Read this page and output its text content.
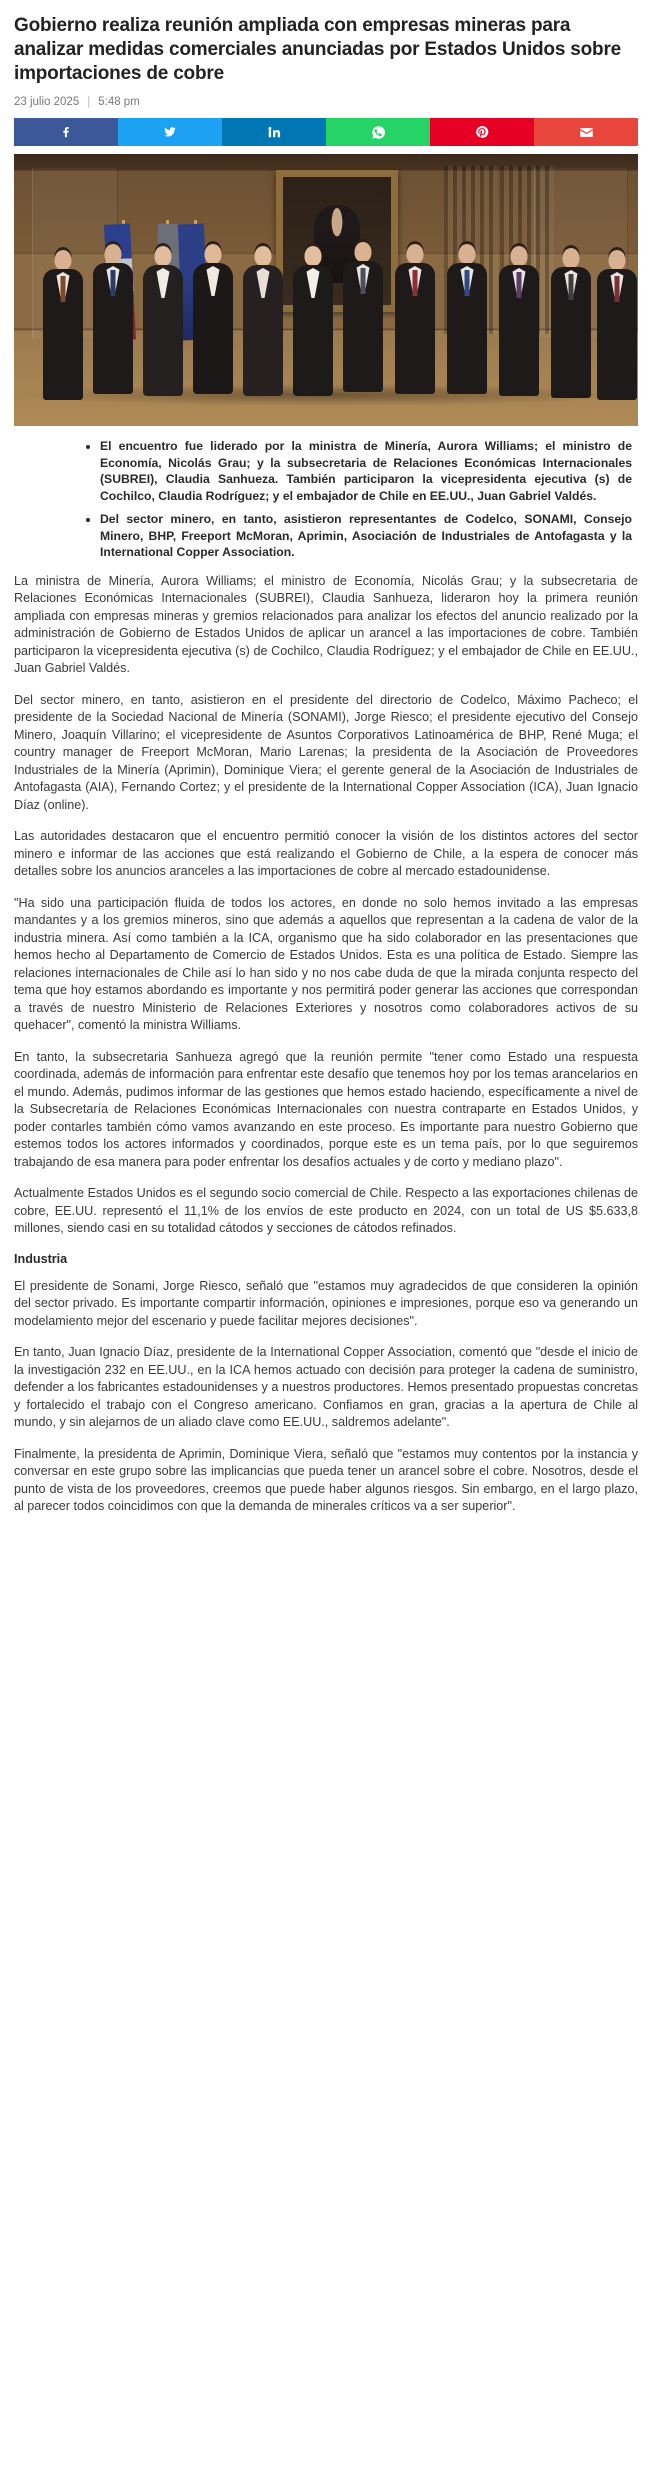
Gobierno realiza reunión ampliada con empresas mineras para analizar medidas comerciales anunciadas por Estados Unidos sobre importaciones de cobre
23 julio 2025 | 5:48 pm
• El encuentro fue liderado por la ministra de Minería, Aurora Williams; el ministro de Economía, Nicolás Grau; y la subsecretaria de Relaciones Económicas Internacionales (SUBREI), Claudia Sanhueza. También participaron la vicepresidenta ejecutiva (s) de Cochilco, Claudia Rodríguez; y el embajador de Chile en EE.UU., Juan Gabriel Valdés.
• Del sector minero, en tanto, asistieron representantes de Codelco, SONAMI, Consejo Minero, BHP, Freeport McMoran, Aprimin, Asociación de Industriales de Antofagasta y la International Copper Association.

La ministra de Minería, Aurora Williams; el ministro de Economía, Nicolás Grau; y la subsecretaria de Relaciones Económicas Internacionales (SUBREI), Claudia Sanhueza, lideraron hoy la primera reunión ampliada con empresas mineras y gremios relacionados para analizar los efectos del anuncio realizado por la administración de Gobierno de Estados Unidos de aplicar un arancel a las importaciones de cobre. También participaron la vicepresidenta ejecutiva (s) de Cochilco, Claudia Rodríguez; y el embajador de Chile en EE.UU., Juan Gabriel Valdés.

Del sector minero, en tanto, asistieron en el presidente del directorio de Codelco, Máximo Pacheco; el presidente de la Sociedad Nacional de Minería (SONAMI), Jorge Riesco; el presidente ejecutivo del Consejo Minero, Joaquín Villarino; el vicepresidente de Asuntos Corporativos Latinoamérica de BHP, René Muga; el country manager de Freeport McMoran, Mario Larenas; la presidenta de la Asociación de Proveedores Industriales de la Minería (Aprimin), Dominique Viera; el gerente general de la Asociación de Industriales de Antofagasta (AIA), Fernando Cortez; y el presidente de la International Copper Association (ICA), Juan Ignacio Díaz (online).

Las autoridades destacaron que el encuentro permitió conocer la visión de los distintos actores del sector minero e informar de las acciones que está realizando el Gobierno de Chile, a la espera de conocer más detalles sobre los anuncios aranceles a las importaciones de cobre al mercado estadounidense.

"Ha sido una participación fluida de todos los actores, en donde no solo hemos invitado a las empresas mandantes y a los gremios mineros, sino que además a aquellos que representan a la cadena de valor de la industria minera. Así como también a la ICA, organismo que ha sido colaborador en las presentaciones que hemos hecho al Departamento de Comercio de Estados Unidos. Esta es una política de Estado. Siempre las relaciones internacionales de Chile así lo han sido y no nos cabe duda de que la mirada conjunta respecto del tema que hoy estamos abordando es importante y nos permitirá poder generar las acciones que correspondan a través de nuestro Ministerio de Relaciones Exteriores y nosotros como colaboradores activos de su quehacer", comentó la ministra Williams.

En tanto, la subsecretaria Sanhueza agregó que la reunión permite "tener como Estado una respuesta coordinada, además de información para enfrentar este desafío que tenemos hoy por los temas arancelarios en el mundo. Además, pudimos informar de las gestiones que hemos estado haciendo, específicamente a nivel de la Subsecretaría de Relaciones Económicas Internacionales con nuestra contraparte en Estados Unidos, y poder contarles también cómo vamos avanzando en este proceso. Es importante para nuestro Gobierno que estemos todos los actores informados y coordinados, porque este es un tema país, por lo que seguiremos trabajando de esa manera para poder enfrentar los desafíos actuales y de corto y mediano plazo".

Actualmente Estados Unidos es el segundo socio comercial de Chile. Respecto a las exportaciones chilenas de cobre, EE.UU. representó el 11,1% de los envíos de este producto en 2024, con un total de US $5.633,8 millones, siendo casi en su totalidad cátodos y secciones de cátodos refinados.

Industria

El presidente de Sonami, Jorge Riesco, señaló que "estamos muy agradecidos de que consideren la opinión del sector privado. Es importante compartir información, opiniones e impresiones, porque eso va generando un modelamiento mejor del escenario y puede facilitar mejores decisiones".

En tanto, Juan Ignacio Díaz, presidente de la International Copper Association, comentó que "desde el inicio de la investigación 232 en EE.UU., en la ICA hemos actuado con decisión para proteger la cadena de suministro, defender a los fabricantes estadounidenses y a nuestros productores. Hemos presentado propuestas concretas y fortalecido el trabajo con el Congreso americano. Confiamos en gran, gracias a la apertura de Chile al mundo, y sin alejarnos de un aliado clave como EE.UU., saldremos adelante".

Finalmente, la presidenta de Aprimin, Dominique Viera, señaló que "estamos muy contentos por la instancia y conversar en este grupo sobre las implicancias que pueda tener un arancel sobre el cobre. Nosotros, desde el punto de vista de los proveedores, creemos que puede haber algunos riesgos. Sin embargo, en el largo plazo, al parecer todos coincidimos con que la demanda de minerales críticos va a ser superior".
